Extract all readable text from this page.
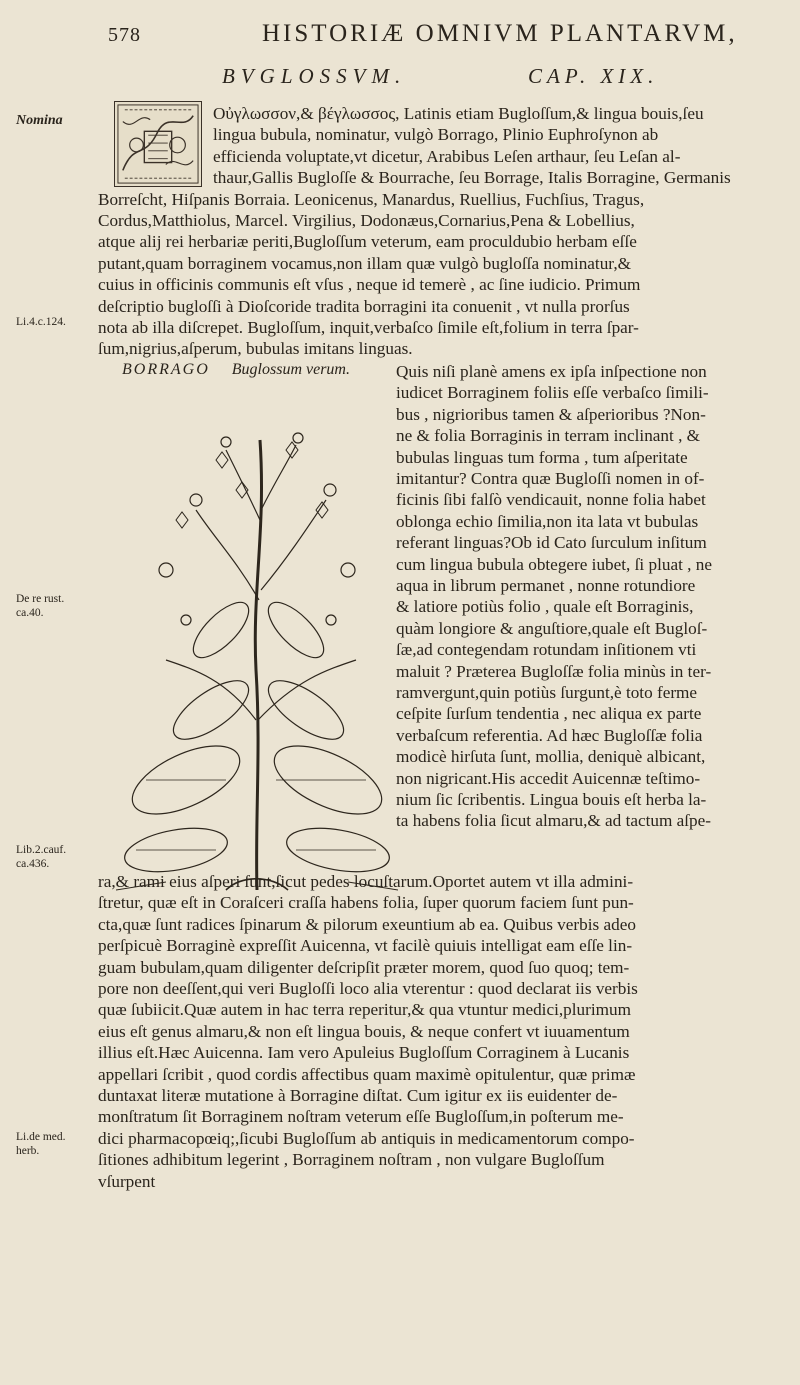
578	HISTORIÆ OMNIVM PLANTARVM,
BVGLOSSVM.	CAP. XIX.
Nomina
Li.4.c.124.
De re rust. ca.40.
Lib.2.cauf. ca.436.
Li.de med. herb.
Οὐγλωσσον,& βέγλωσσος, Latinis etiam Bugloſſum,& lingua bouis,ſeu
lingua bubula, nominatur, vulgò Borrago, Plinio Euphroſynon ab
efficienda voluptate,vt dicetur, Arabibus Leſen arthaur, ſeu Leſan al-
thaur,Gallis Bugloſſe & Bourrache, ſeu Borrage, Italis Borragine, Germanis
Borreſcht, Hiſpanis Borraia. Leonicenus, Manardus, Ruellius, Fuchſius, Tragus,
Cordus,Matthiolus, Marcel. Virgilius, Dodonæus,Cornarius,Pena & Lobellius,
atque alij rei herbariæ periti,Bugloſſum veterum, eam proculdubio herbam eſſe
putant,quam borraginem vocamus,non illam quæ vulgò bugloſſa nominatur,&
cuius in officinis communis eſt vſus , neque id temerè , ac ſine iudicio. Primum
deſcriptio bugloſſi à Dioſcoride tradita borragini ita conuenit , vt nulla prorſus
nota ab illa diſcrepet. Bugloſſum, inquit,verbaſco ſimile eſt,folium in terra ſpar-
ſum,nigrius,aſperum, bubulas imitans linguas.
BORRAGO Buglossum verum.	Quis niſi planè amens ex ipſa inſpectione non
iudicet Borraginem foliis eſſe verbaſco ſimili-
bus , nigrioribus tamen & aſperioribus ?Non-
ne & folia Borraginis in terram inclinant , &
bubulas linguas tum forma , tum aſperitate
imitantur? Contra quæ Bugloſſi nomen in of-
ficinis ſibi falſò vendicauit, nonne folia habet
oblonga echio ſimilia,non ita lata vt bubulas
referant linguas?Ob id Cato ſurculum inſitum
cum lingua bubula obtegere iubet, ſi pluat , ne
aqua in librum permanet , nonne rotundiore
& latiore potiùs folio , quale eſt Borraginis,
quàm longiore & anguſtiore,quale eſt Bugloſ-
ſæ,ad contegendam rotundam inſitionem vti
maluit ? Præterea Bugloſſæ folia minùs in ter-
ramvergunt,quin potiùs ſurgunt,è toto ferme
ceſpite ſurſum tendentia , nec aliqua ex parte
verbaſcum referentia. Ad hæc Bugloſſæ folia
modicè hirſuta ſunt, mollia, deniquè albicant,
non nigricant.His accedit Auicennæ teſtimo-
nium ſic ſcribentis. Lingua bouis eſt herba la-
ta habens folia ſicut almaru,& ad tactum aſpe-
ra,& rami eius aſperi ſunt,ſicut pedes locuſtarum.Oportet autem vt illa admini-
ſtretur, quæ eſt in Coraſceri craſſa habens folia, ſuper quorum faciem ſunt pun-
cta,quæ ſunt radices ſpinarum & pilorum exeuntium ab ea. Quibus verbis adeo
perſpicuè Borraginè expreſſit Auicenna, vt facilè quiuis intelligat eam eſſe lin-
guam bubulam,quam diligenter deſcripſit præter morem, quod ſuo quoq; tem-
pore non deeſſent,qui veri Bugloſſi loco alia vterentur : quod declarat iis verbis
quæ ſubiicit.Quæ autem in hac terra reperitur,& qua vtuntur medici,plurimum
eius eſt genus almaru,& non eſt lingua bouis, & neque confert vt iuuamentum
illius eſt.Hæc Auicenna. Iam vero Apuleius Bugloſſum Corraginem à Lucanis
appellari ſcribit , quod cordis affectibus quam maximè opitulentur, quæ primæ
duntaxat literæ mutatione à Borragine diſtat. Cum igitur ex iis euidenter de-
monſtratum ſit Borraginem noſtram veterum eſſe Bugloſſum,in poſterum me-
dici pharmacopœiq;,ſicubi Bugloſſum ab antiquis in medicamentorum compo-
ſitiones adhibitum legerint , Borraginem noſtram , non vulgare Bugloſſum
vſurpent
